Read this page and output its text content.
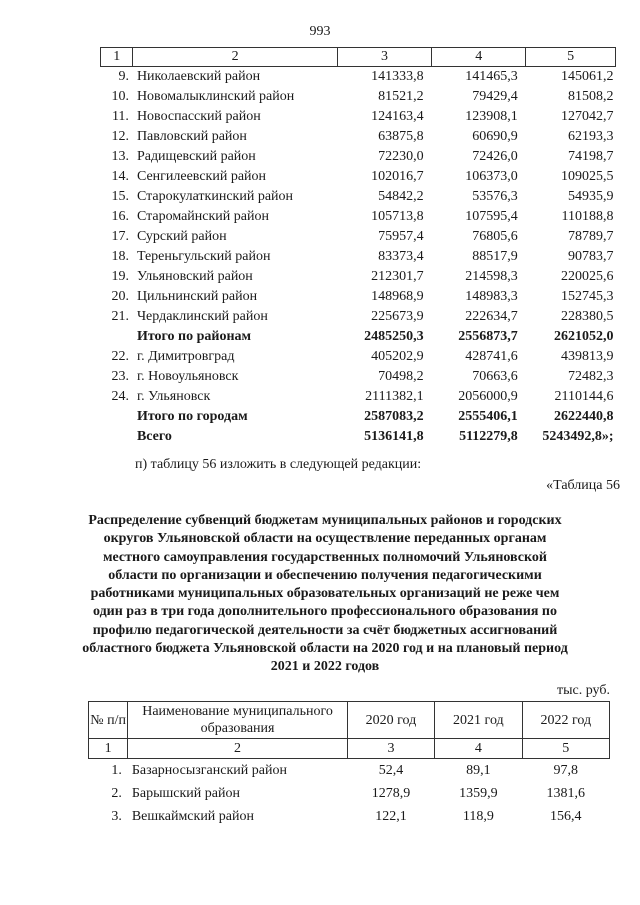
993
1	2	3	4	5
9.	Николаевский район	141333,8	141465,3	145061,2
10.	Новомалыклинский район	81521,2	79429,4	81508,2
11.	Новоспасский район	124163,4	123908,1	127042,7
12.	Павловский район	63875,8	60690,9	62193,3
13.	Радищевский район	72230,0	72426,0	74198,7
14.	Сенгилеевский район	102016,7	106373,0	109025,5
15.	Старокулаткинский район	54842,2	53576,3	54935,9
16.	Старомайнский район	105713,8	107595,4	110188,8
17.	Сурский район	75957,4	76805,6	78789,7
18.	Тереньгульский район	83373,4	88517,9	90783,7
19.	Ульяновский район	212301,7	214598,3	220025,6
20.	Цильнинский район	148968,9	148983,3	152745,3
21.	Чердаклинский район	225673,9	222634,7	228380,5
	Итого по районам	2485250,3	2556873,7	2621052,0
22.	г. Димитровград	405202,9	428741,6	439813,9
23.	г. Новоульяновск	70498,2	70663,6	72482,3
24.	г. Ульяновск	2111382,1	2056000,9	2110144,6
	Итого по городам	2587083,2	2555406,1	2622440,8
	Всего	5136141,8	5112279,8	5243492,8»;
п) таблицу 56 изложить в следующей редакции:
«Таблица 56
Распределение субвенций бюджетам муниципальных районов и городских округов Ульяновской области на осуществление переданных органам местного самоуправления государственных полномочий Ульяновской области по организации и обеспечению получения педагогическими работниками муниципальных образовательных организаций не реже чем один раз в три года дополнительного профессионального образования по профилю педагогической деятельности за счёт бюджетных ассигнований областного бюджета Ульяновской области на 2020 год и на плановый период 2021 и 2022 годов
тыс. руб.
№ п/п	Наименование муниципального образования	2020 год	2021 год	2022 год
1	2	3	4	5
1.	Базарносызганский район	52,4	89,1	97,8
2.	Барышский район	1278,9	1359,9	1381,6
3.	Вешкаймский район	122,1	118,9	156,4
